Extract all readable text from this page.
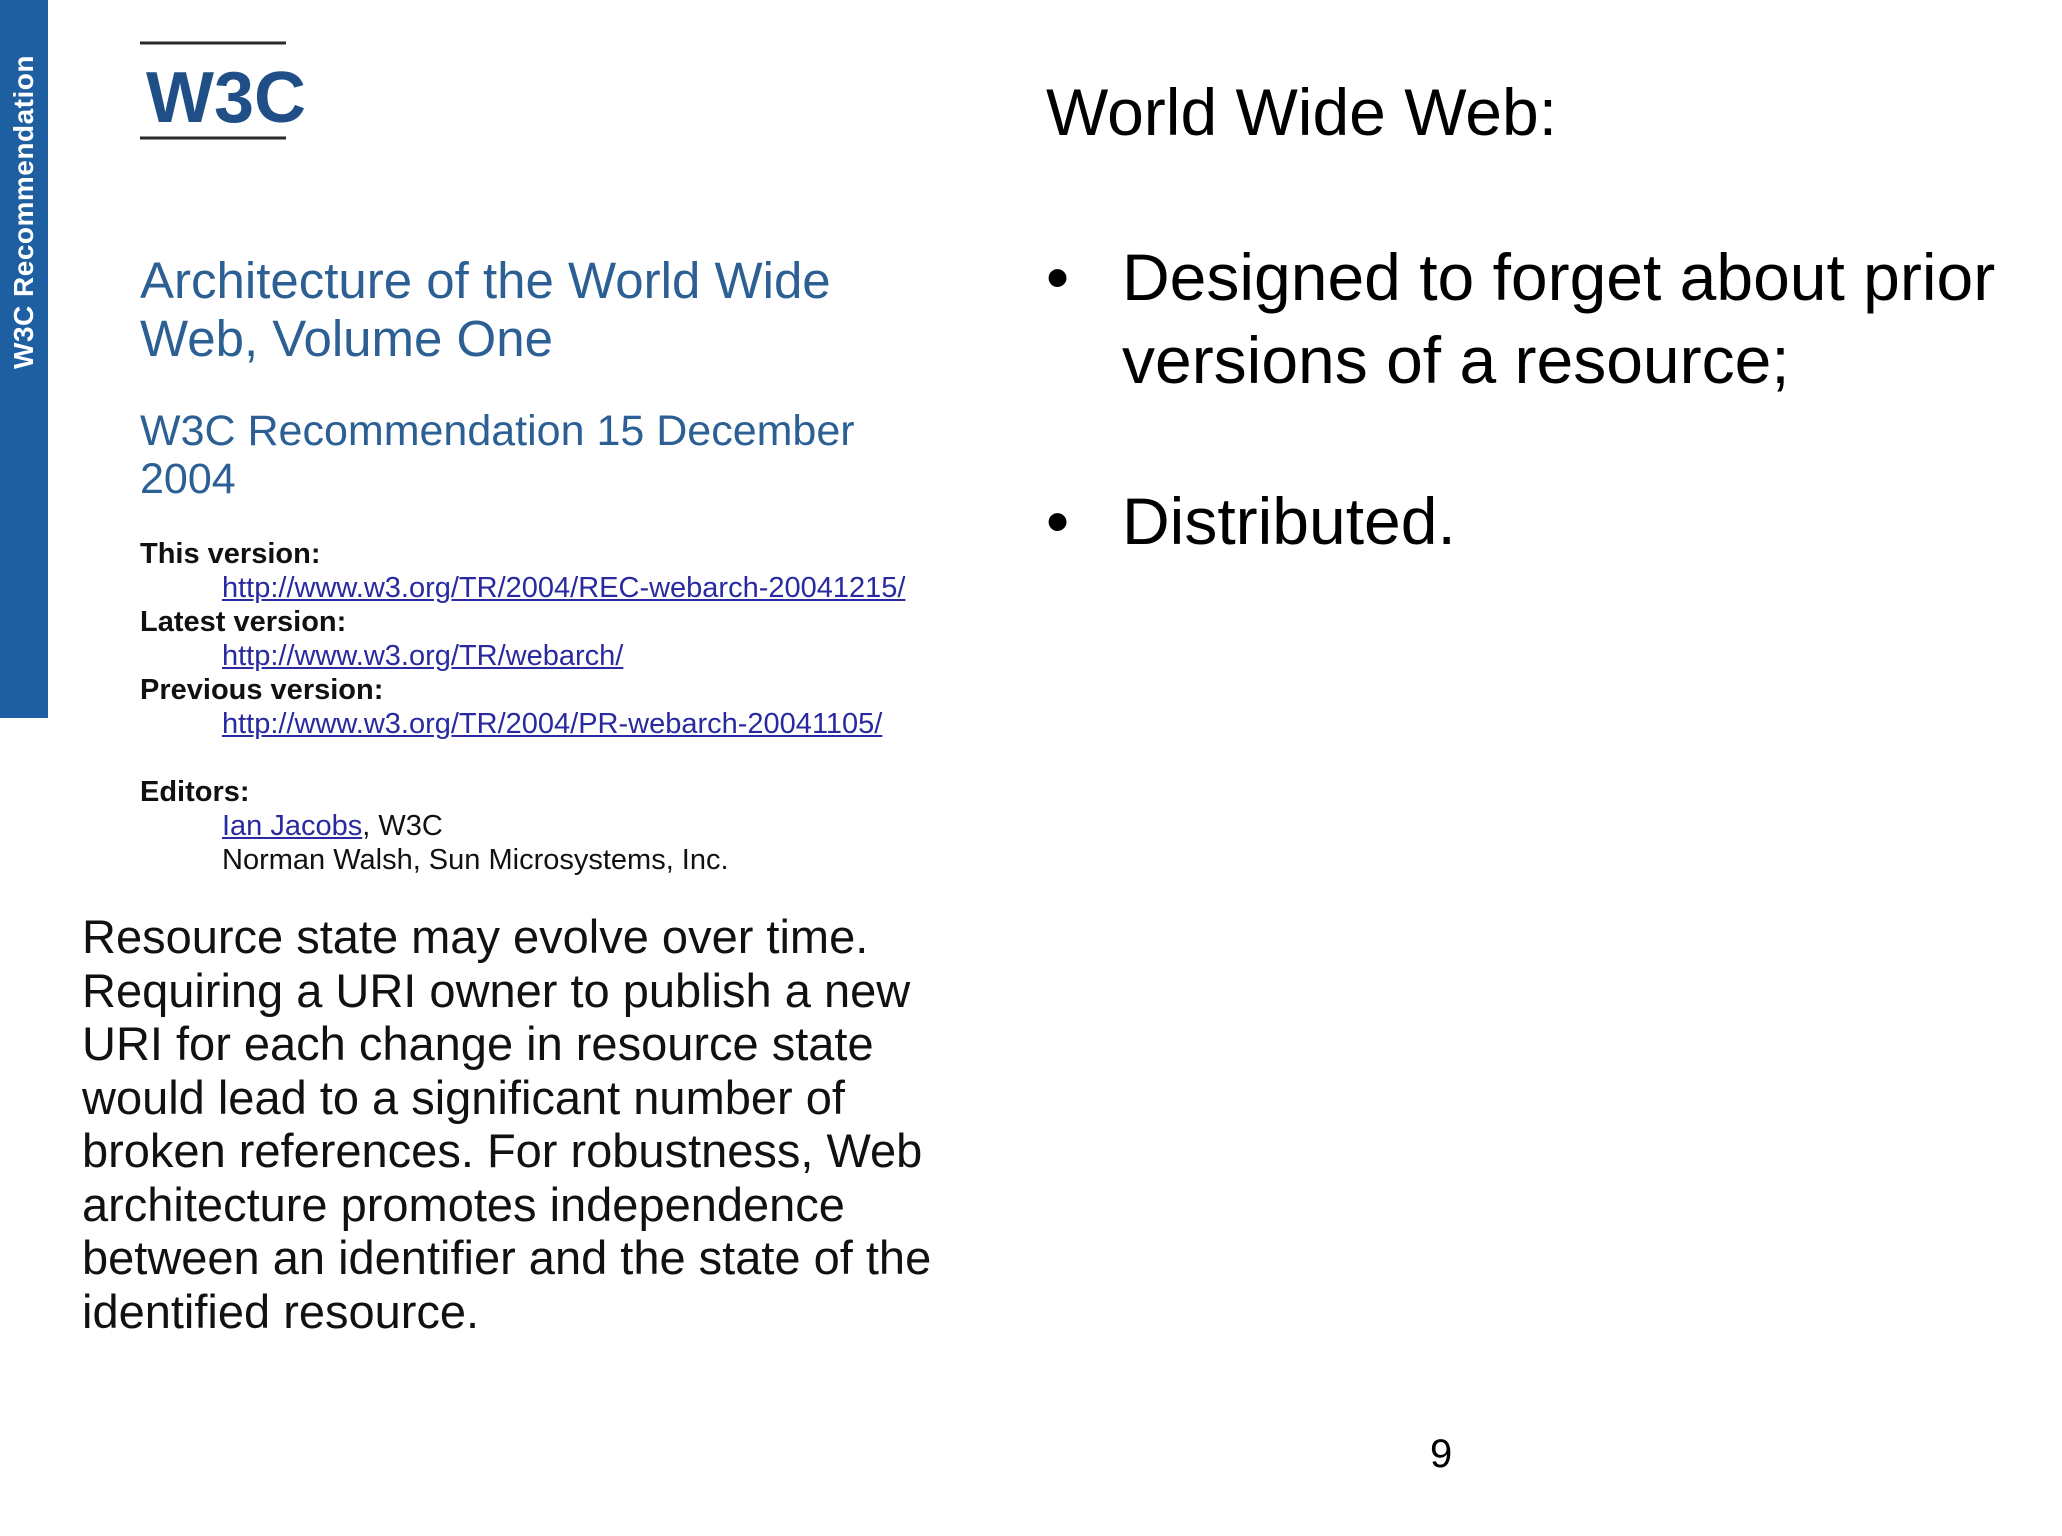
W3C Recommendation W3C
Architecture of the World Wide Web, Volume One
W3C Recommendation 15 December 2004
This version:
http://www.w3.org/TR/2004/REC-webarch-20041215/
Latest version:
http://www.w3.org/TR/webarch/
Previous version:
http://www.w3.org/TR/2004/PR-webarch-20041105/
Editors:
Ian Jacobs, W3C
Norman Walsh, Sun Microsystems, Inc.
Resource state may evolve over time.
Requiring a URI owner to publish a new
URI for each change in resource state
would lead to a significant number of
broken references. For robustness, Web
architecture promotes independence
between an identifier and the state of the
identified resource.
World Wide Web:
• Designed to forget about prior
versions of a resource;
• Distributed.
9
